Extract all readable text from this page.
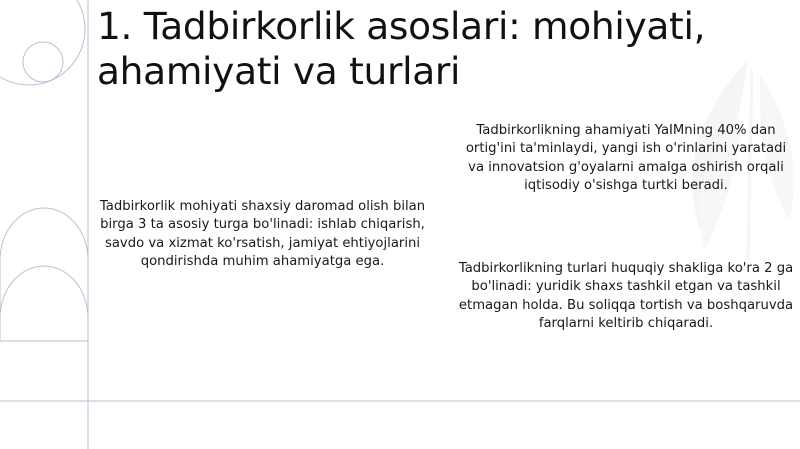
1. Tadbirkorlik asoslari: mohiyati, ahamiyati va turlari

Tadbirkorlikning ahamiyati YaIMning 40% dan ortig'ini ta'minlaydi, yangi ish o'rinlarini yaratadi va innovatsion g'oyalarni amalga oshirish orqali iqtisodiy o'sishga turtki beradi.

Tadbirkorlik mohiyati shaxsiy daromad olish bilan birga 3 ta asosiy turga bo'linadi: ishlab chiqarish, savdo va xizmat ko'rsatish, jamiyat ehtiyojlarini qondirishda muhim ahamiyatga ega.	Tadbirkorlikning turlari huquqiy shakliga ko'ra 2 ga bo'linadi: yuridik shaxs tashkil etgan va tashkil etmagan holda. Bu soliqqa tortish va boshqaruvda farqlarni keltirib chiqaradi.
